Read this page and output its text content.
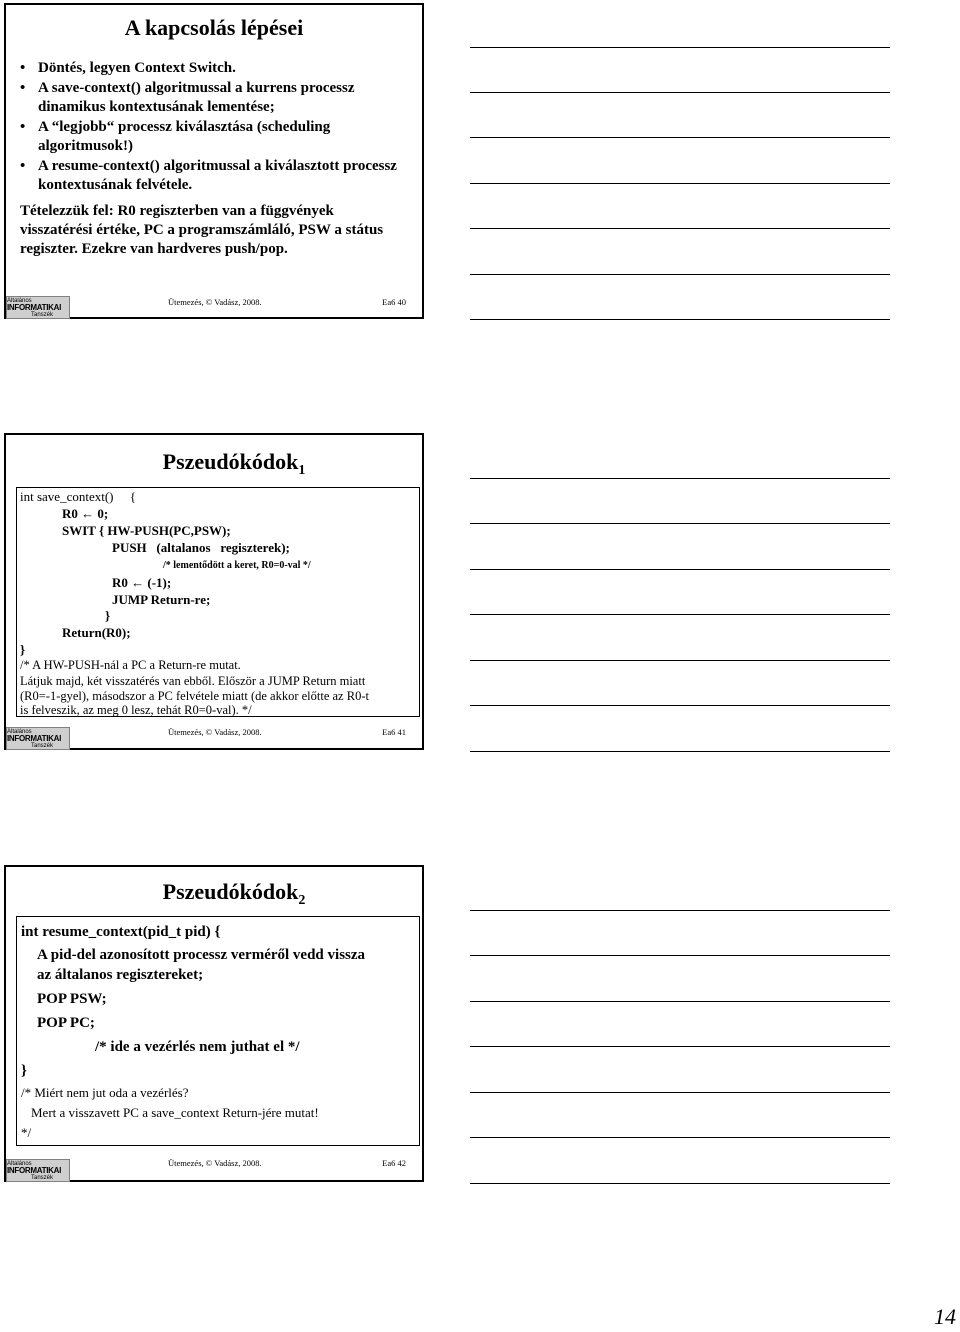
A kapcsolás lépései
• Döntés, legyen Context Switch.
• A save-context() algoritmussal a kurrens processz dinamikus kontextusának lementése;
• A “legjobb“ processz kiválasztása (scheduling algoritmusok!)
• A resume-context() algoritmussal a kiválasztott processz kontextusának felvétele.

Tételezzük fel: R0 regiszterben van a függvények visszatérési értéke, PC a programszámláló, PSW a státus regiszter. Ezekre van hardveres push/pop.

Általános
INFORMATIKAI
Tanszék
Ütemezés, © Vadász, 2008.	Ea6 40
Pszeudókódok$_1$
int save_context()     {
R0 ← 0;
SWIT { HW-PUSH(PC,PSW);
PUSH   (altalanos   regiszterek);
/* lementődött a keret, R0=0-val */
R0 ← (-1);
JUMP Return-re;
}
Return(R0);
}
/* A HW-PUSH-nál a PC a Return-re mutat.
Látjuk majd, két visszatérés van ebből. Először a JUMP Return miatt
(R0=-1-gyel), másodszor a PC felvétele miatt (de akkor előtte az R0-t
is felveszik, az meg 0 lesz, tehát R0=0-val). */
Általános
INFORMATIKAI
Tanszék
Ütemezés, © Vadász, 2008.	Ea6 41
Pszeudókódok$_2$
int resume_context(pid_t pid) {
A pid-del azonosított processz verméről vedd vissza
az általanos regisztereket;
POP PSW;
POP PC;
/* ide a vezérlés nem juthat el */
}
/* Miért nem jut oda a vezérlés?
Mert a visszavett PC a save_context Return-jére mutat!
*/
Általános
INFORMATIKAI
Tanszék
Ütemezés, © Vadász, 2008.	Ea6 42
14
